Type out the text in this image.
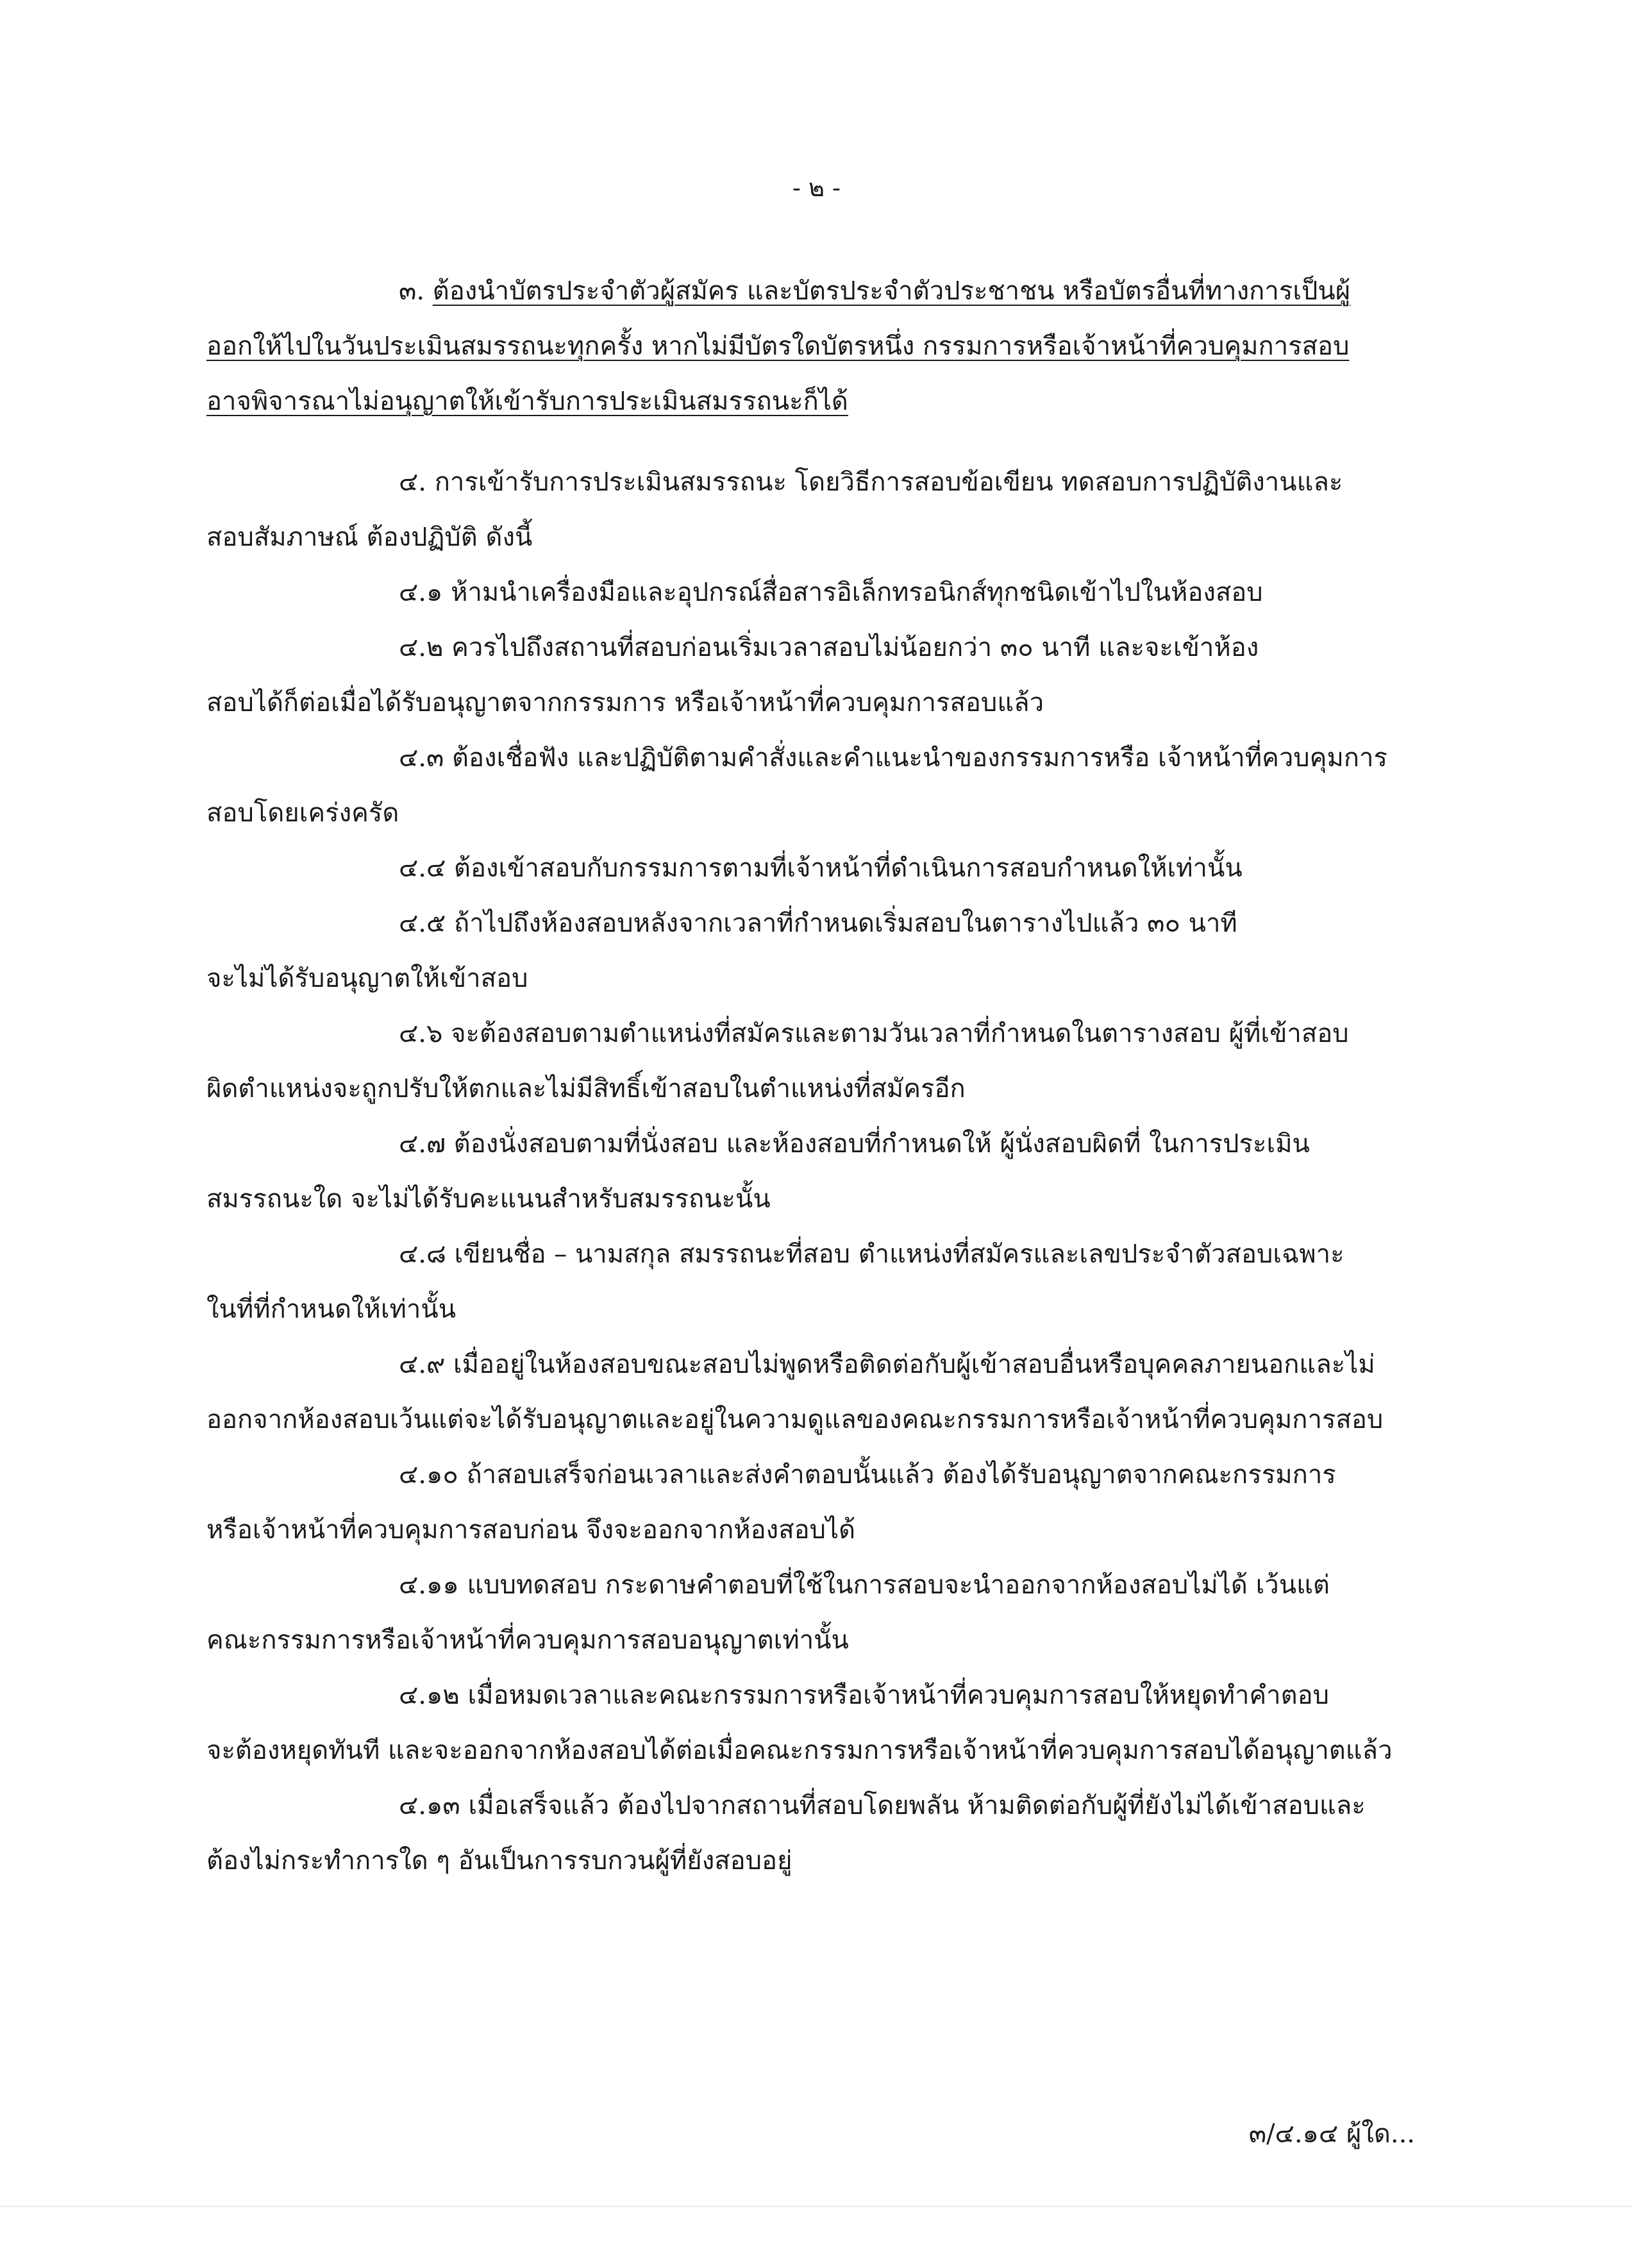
- ๒ -
๓. ต้องนำบัตรประจำตัวผู้สมัคร และบัตรประจำตัวประชาชน หรือบัตรอื่นที่ทางการเป็นผู้
ออกให้ไปในวันประเมินสมรรถนะทุกครั้ง หากไม่มีบัตรใดบัตรหนึ่ง กรรมการหรือเจ้าหน้าที่ควบคุมการสอบ
อาจพิจารณาไม่อนุญาตให้เข้ารับการประเมินสมรรถนะก็ได้
๔. การเข้ารับการประเมินสมรรถนะ โดยวิธีการสอบข้อเขียน ทดสอบการปฏิบัติงานและ
สอบสัมภาษณ์ ต้องปฏิบัติ ดังนี้
๔.๑ ห้ามนำเครื่องมือและอุปกรณ์สื่อสารอิเล็กทรอนิกส์ทุกชนิดเข้าไปในห้องสอบ
๔.๒ ควรไปถึงสถานที่สอบก่อนเริ่มเวลาสอบไม่น้อยกว่า ๓๐ นาที และจะเข้าห้อง
สอบได้ก็ต่อเมื่อได้รับอนุญาตจากกรรมการ หรือเจ้าหน้าที่ควบคุมการสอบแล้ว
๔.๓ ต้องเชื่อฟัง และปฏิบัติตามคำสั่งและคำแนะนำของกรรมการหรือ เจ้าหน้าที่ควบคุมการ
สอบโดยเคร่งครัด
๔.๔ ต้องเข้าสอบกับกรรมการตามที่เจ้าหน้าที่ดำเนินการสอบกำหนดให้เท่านั้น
๔.๕ ถ้าไปถึงห้องสอบหลังจากเวลาที่กำหนดเริ่มสอบในตารางไปแล้ว ๓๐ นาที
จะไม่ได้รับอนุญาตให้เข้าสอบ
๔.๖ จะต้องสอบตามตำแหน่งที่สมัครและตามวันเวลาที่กำหนดในตารางสอบ ผู้ที่เข้าสอบ
ผิดตำแหน่งจะถูกปรับให้ตกและไม่มีสิทธิ์เข้าสอบในตำแหน่งที่สมัครอีก
๔.๗ ต้องนั่งสอบตามที่นั่งสอบ และห้องสอบที่กำหนดให้ ผู้นั่งสอบผิดที่ ในการประเมิน
สมรรถนะใด จะไม่ได้รับคะแนนสำหรับสมรรถนะนั้น
๔.๘ เขียนชื่อ – นามสกุล สมรรถนะที่สอบ ตำแหน่งที่สมัครและเลขประจำตัวสอบเฉพาะ
ในที่ที่กำหนดให้เท่านั้น
๔.๙ เมื่ออยู่ในห้องสอบขณะสอบไม่พูดหรือติดต่อกับผู้เข้าสอบอื่นหรือบุคคลภายนอกและไม่
ออกจากห้องสอบเว้นแต่จะได้รับอนุญาตและอยู่ในความดูแลของคณะกรรมการหรือเจ้าหน้าที่ควบคุมการสอบ
๔.๑๐ ถ้าสอบเสร็จก่อนเวลาและส่งคำตอบนั้นแล้ว ต้องได้รับอนุญาตจากคณะกรรมการ
หรือเจ้าหน้าที่ควบคุมการสอบก่อน จึงจะออกจากห้องสอบได้
๔.๑๑ แบบทดสอบ กระดาษคำตอบที่ใช้ในการสอบจะนำออกจากห้องสอบไม่ได้ เว้นแต่
คณะกรรมการหรือเจ้าหน้าที่ควบคุมการสอบอนุญาตเท่านั้น
๔.๑๒ เมื่อหมดเวลาและคณะกรรมการหรือเจ้าหน้าที่ควบคุมการสอบให้หยุดทำคำตอบ
จะต้องหยุดทันที และจะออกจากห้องสอบได้ต่อเมื่อคณะกรรมการหรือเจ้าหน้าที่ควบคุมการสอบได้อนุญาตแล้ว
๔.๑๓ เมื่อเสร็จแล้ว ต้องไปจากสถานที่สอบโดยพลัน ห้ามติดต่อกับผู้ที่ยังไม่ได้เข้าสอบและ
ต้องไม่กระทำการใด ๆ อันเป็นการรบกวนผู้ที่ยังสอบอยู่
๓/๔.๑๔ ผู้ใด...
